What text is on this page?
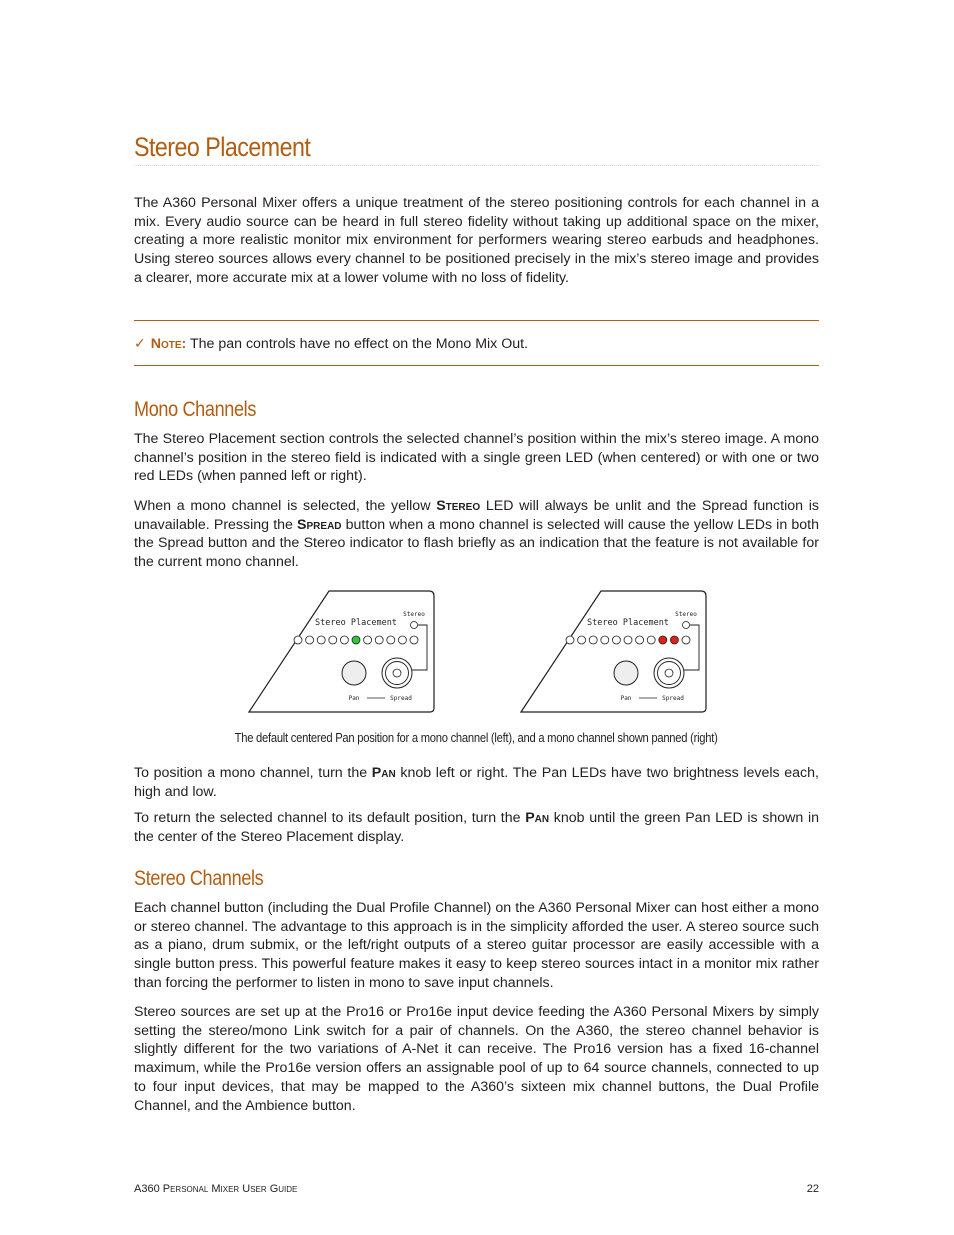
Stereo Placement

The A360 Personal Mixer offers a unique treatment of the stereo positioning controls for each channel in a mix. Every audio source can be heard in full stereo fidelity without taking up additional space on the mixer, creating a more realistic monitor mix environment for performers wearing stereo earbuds and headphones. Using stereo sources allows every channel to be positioned precisely in the mix’s stereo image and provides a clearer, more accurate mix at a lower volume with no loss of fidelity.

✓ Note: The pan controls have no effect on the Mono Mix Out.
Mono Channels

The Stereo Placement section controls the selected channel’s position within the mix’s stereo image. A mono channel’s position in the stereo field is indicated with a single green LED (when centered) or with one or two red LEDs (when panned left or right).

When a mono channel is selected, the yellow Stereo LED will always be unlit and the Spread function is unavailable. Pressing the Spread button when a mono channel is selected will cause the yellow LEDs in both the Spread button and the Stereo indicator to flash briefly as an indication that the feature is not available for the current mono channel.

Stereo Placement
Stereo
Pan	Spread
Stereo Placement
Stereo
Pan	Spread
The default centered Pan position for a mono channel (left), and a mono channel shown panned (right)

To position a mono channel, turn the Pan knob left or right. The Pan LEDs have two brightness levels each, high and low.

To return the selected channel to its default position, turn the Pan knob until the green Pan LED is shown in the center of the Stereo Placement display.

Stereo Channels

Each channel button (including the Dual Profile Channel) on the A360 Personal Mixer can host either a mono or stereo channel. The advantage to this approach is in the simplicity afforded the user. A stereo source such as a piano, drum submix, or the left/right outputs of a stereo guitar processor are easily accessible with a single button press. This powerful feature makes it easy to keep stereo sources intact in a monitor mix rather than forcing the performer to listen in mono to save input channels.

Stereo sources are set up at the Pro16 or Pro16e input device feeding the A360 Personal Mixers by simply setting the stereo/mono Link switch for a pair of channels. On the A360, the stereo channel behavior is slightly different for the two variations of A-Net it can receive. The Pro16 version has a fixed 16-channel maximum, while the Pro16e version offers an assignable pool of up to 64 source channels, connected to up to four input devices, that may be mapped to the A360’s sixteen mix channel buttons, the Dual Profile Channel, and the Ambience button.

A360 Personal Mixer User Guide	22
